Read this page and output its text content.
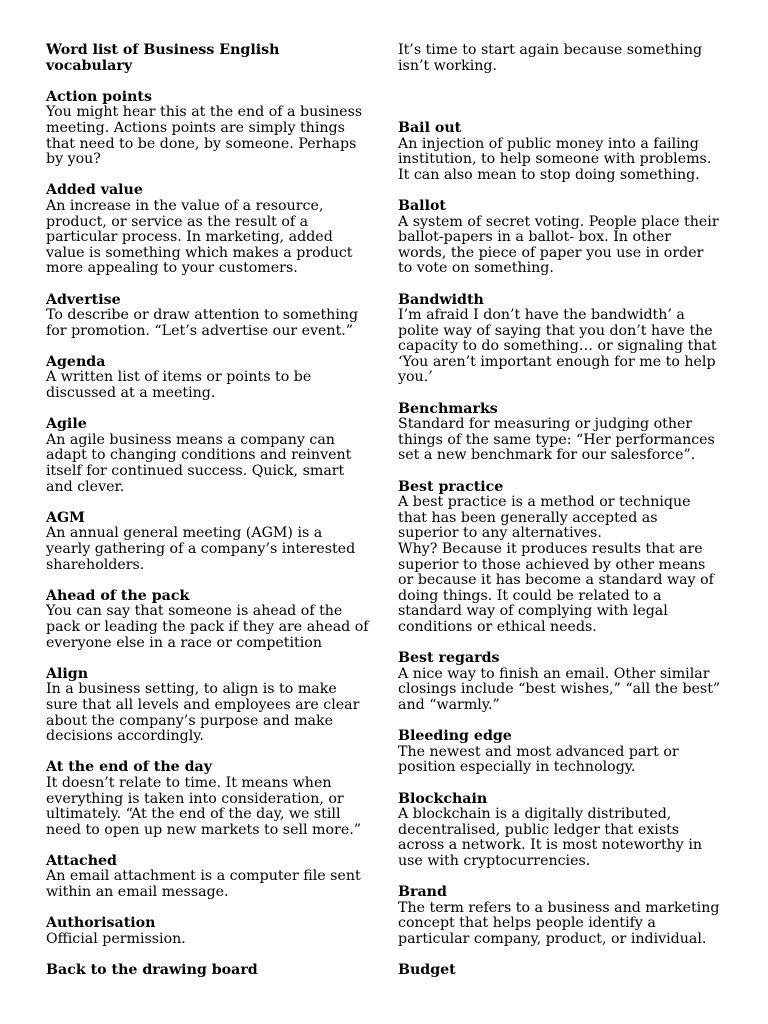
Word list of Business English
vocabulary
Action points
You might hear this at the end of a business
meeting. Actions points are simply things
that need to be done, by someone. Perhaps
by you?
Added value
An increase in the value of a resource,
product, or service as the result of a
particular process. In marketing, added
value is something which makes a product
more appealing to your customers.
Advertise
To describe or draw attention to something
for promotion. “Let’s advertise our event.”
Agenda
A written list of items or points to be
discussed at a meeting.
Agile
An agile business means a company can
adapt to changing conditions and reinvent
itself for continued success. Quick, smart
and clever.
AGM
An annual general meeting (AGM) is a
yearly gathering of a company’s interested
shareholders.
Ahead of the pack
You can say that someone is ahead of the
pack or leading the pack if they are ahead of
everyone else in a race or competition
Align
In a business setting, to align is to make
sure that all levels and employees are clear
about the company’s purpose and make
decisions accordingly.
At the end of the day
It doesn’t relate to time. It means when
everything is taken into consideration, or
ultimately. “At the end of the day, we still
need to open up new markets to sell more.”
Attached
An email attachment is a computer file sent
within an email message.
Authorisation
Official permission.
Back to the drawing board
It’s time to start again because something
isn’t working.
Bail out
An injection of public money into a failing
institution, to help someone with problems.
It can also mean to stop doing something.
Ballot
A system of secret voting. People place their
ballot-papers in a ballot- box. In other
words, the piece of paper you use in order
to vote on something.
Bandwidth
I’m afraid I don’t have the bandwidth’ a
polite way of saying that you don’t have the
capacity to do something… or signaling that
‘You aren’t important enough for me to help
you.’
Benchmarks
Standard for measuring or judging other
things of the same type: “Her performances
set a new benchmark for our salesforce”.
Best practice
A best practice is a method or technique
that has been generally accepted as
superior to any alternatives.
Why? Because it produces results that are
superior to those achieved by other means
or because it has become a standard way of
doing things. It could be related to a
standard way of complying with legal
conditions or ethical needs.
Best regards
A nice way to finish an email. Other similar
closings include “best wishes,” “all the best”
and “warmly.”
Bleeding edge
The newest and most advanced part or
position especially in technology.
Blockchain
A blockchain is a digitally distributed,
decentralised, public ledger that exists
across a network. It is most noteworthy in
use with cryptocurrencies.
Brand
The term refers to a business and marketing
concept that helps people identify a
particular company, product, or individual.
Budget
